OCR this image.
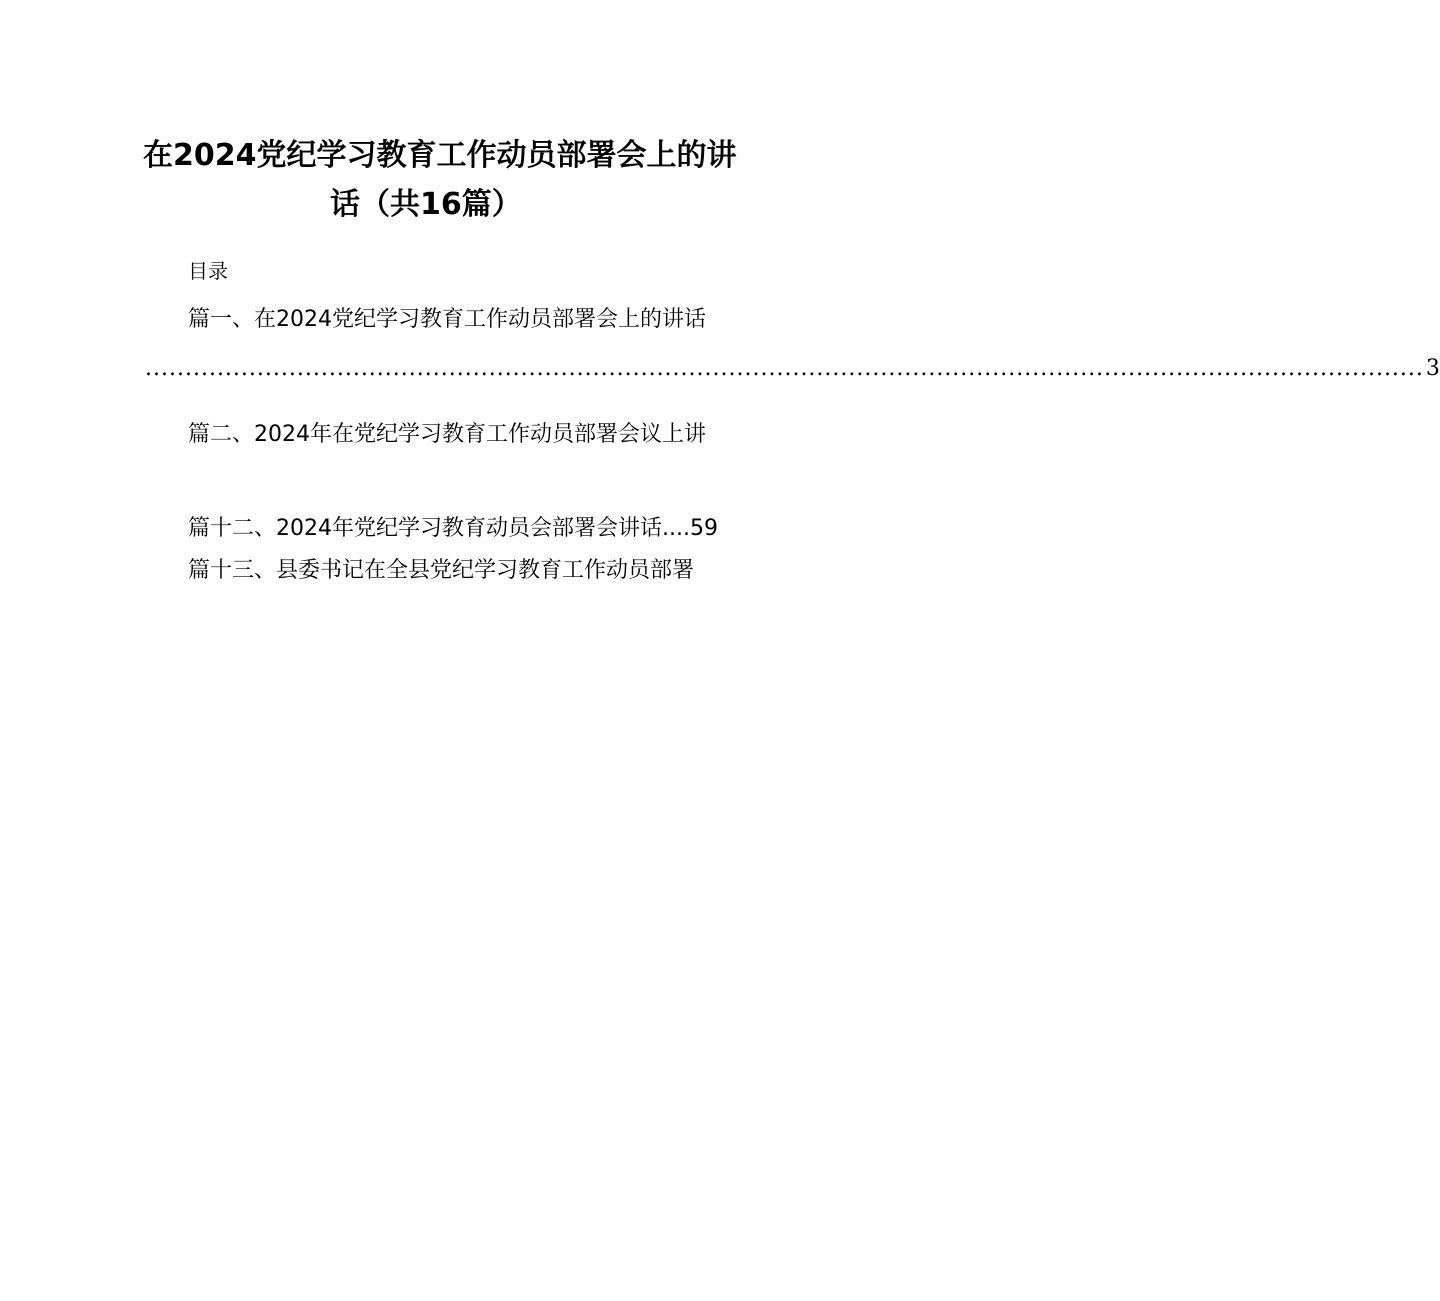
在2024党纪学习教育工作动员部署会上的讲
话（共16篇）
目录
篇一、在2024党纪学习教育工作动员部署会上的讲话
................................................................................................................................................................ 3
篇二、2024年在党纪学习教育工作动员部署会议上讲
篇十二、2024年党纪学习教育动员会部署会讲话....59
篇十三、县委书记在全县党纪学习教育工作动员部署
